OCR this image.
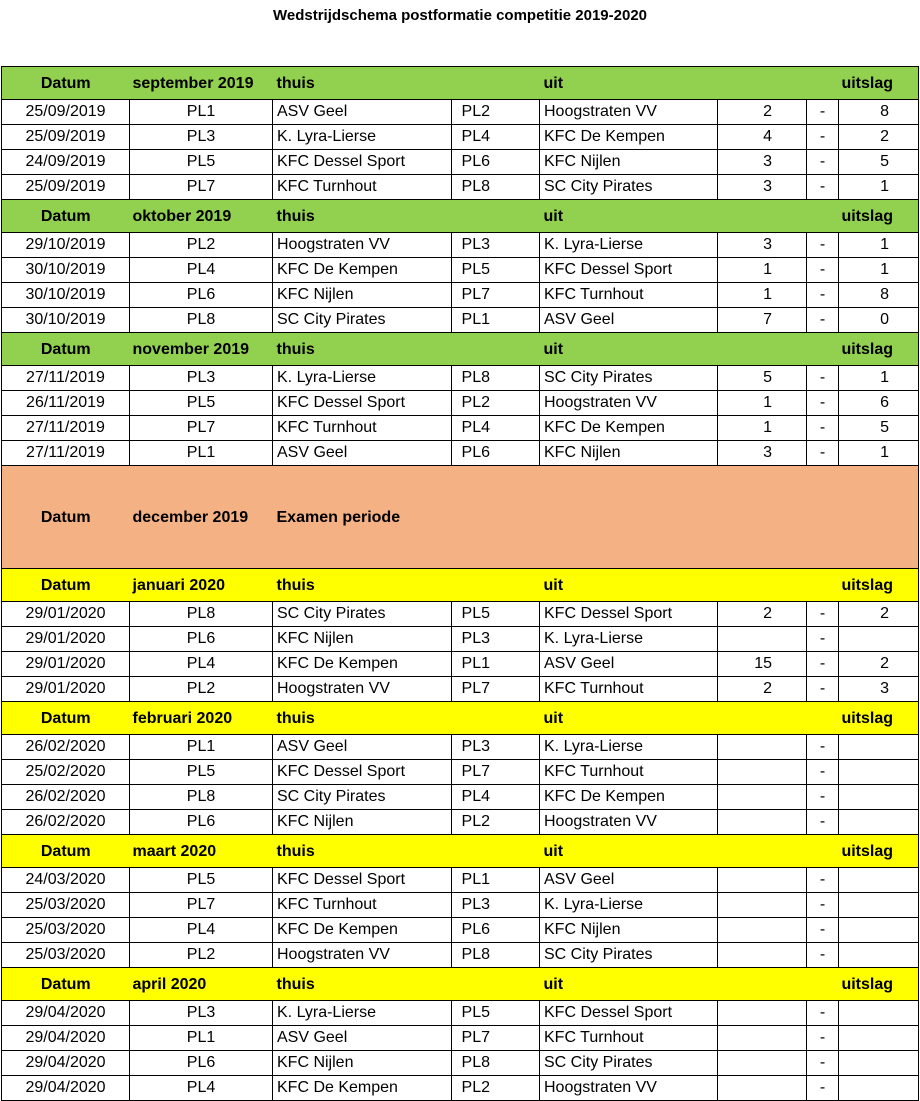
Wedstrijdschema postformatie competitie 2019-2020
Datum	september 2019	thuis		uit		uitslag	
25/09/2019	PL1	ASV Geel	PL2	Hoogstraten VV	2	-	8
25/09/2019	PL3	K. Lyra-Lierse	PL4	KFC De Kempen	4	-	2
24/09/2019	PL5	KFC Dessel Sport	PL6	KFC Nijlen	3	-	5
25/09/2019	PL7	KFC Turnhout	PL8	SC City Pirates	3	-	1
Datum	oktober 2019	thuis		uit		uitslag	
29/10/2019	PL2	Hoogstraten VV	PL3	K. Lyra-Lierse	3	-	1
30/10/2019	PL4	KFC De Kempen	PL5	KFC Dessel Sport	1	-	1
30/10/2019	PL6	KFC Nijlen	PL7	KFC Turnhout	1	-	8
30/10/2019	PL8	SC City Pirates	PL1	ASV Geel	7	-	0
Datum	november 2019	thuis		uit		uitslag	
27/11/2019	PL3	K. Lyra-Lierse	PL8	SC City Pirates	5	-	1
26/11/2019	PL5	KFC Dessel Sport	PL2	Hoogstraten VV	1	-	6
27/11/2019	PL7	KFC Turnhout	PL4	KFC De Kempen	1	-	5
27/11/2019	PL1	ASV Geel	PL6	KFC Nijlen	3	-	1
Datum	december 2019	Examen periode					
Datum	januari 2020	thuis		uit		uitslag	
29/01/2020	PL8	SC City Pirates	PL5	KFC Dessel Sport	2	-	2
29/01/2020	PL6	KFC Nijlen	PL3	K. Lyra-Lierse		-	
29/01/2020	PL4	KFC De Kempen	PL1	ASV Geel	15	-	2
29/01/2020	PL2	Hoogstraten VV	PL7	KFC Turnhout	2	-	3
Datum	februari 2020	thuis		uit		uitslag	
26/02/2020	PL1	ASV Geel	PL3	K. Lyra-Lierse		-	
25/02/2020	PL5	KFC Dessel Sport	PL7	KFC Turnhout		-	
26/02/2020	PL8	SC City Pirates	PL4	KFC De Kempen		-	
26/02/2020	PL6	KFC Nijlen	PL2	Hoogstraten VV		-	
Datum	maart 2020	thuis		uit		uitslag	
24/03/2020	PL5	KFC Dessel Sport	PL1	ASV Geel		-	
25/03/2020	PL7	KFC Turnhout	PL3	K. Lyra-Lierse		-	
25/03/2020	PL4	KFC De Kempen	PL6	KFC Nijlen		-	
25/03/2020	PL2	Hoogstraten VV	PL8	SC City Pirates		-	
Datum	april 2020	thuis		uit		uitslag	
29/04/2020	PL3	K. Lyra-Lierse	PL5	KFC Dessel Sport		-	
29/04/2020	PL1	ASV Geel	PL7	KFC Turnhout		-	
29/04/2020	PL6	KFC Nijlen	PL8	SC City Pirates		-	
29/04/2020	PL4	KFC De Kempen	PL2	Hoogstraten VV		-	
